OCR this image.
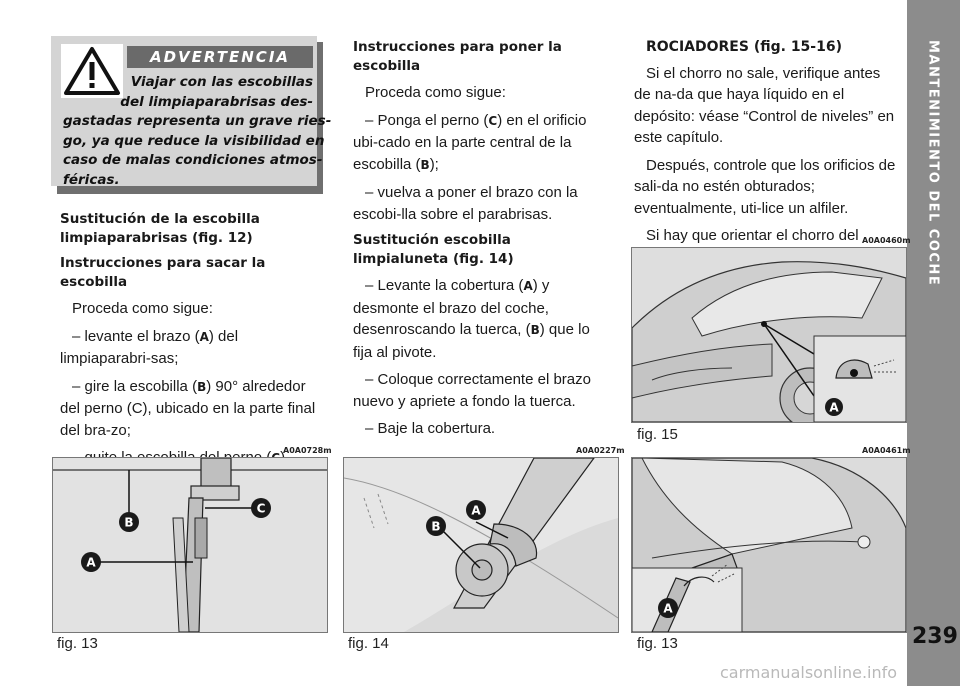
MANTENIMIENTO DEL COCHE
239
ADVERTENCIA
Viajar con las escobillas
del limpiaparabrisas des-
gastadas representa un grave ries-
go, ya que reduce la visibilidad en
caso de malas condiciones atmos-
féricas.

Sustitución de la escobilla limpiaparabrisas (fig. 12)

Instrucciones para sacar la escobilla

Proceda como sigue:

– levante el brazo (A) del limpiaparabri-sas;

– gire la escobilla (B) 90° alrededor del perno (C), ubicado en la parte final del bra-zo;

Instrucciones para poner la escobilla

Proceda como sigue:

– Ponga el perno (C) en el orificio ubi-cado en la parte central de la escobilla (B);

– vuelva a poner el brazo con la escobi-lla sobre el parabrisas.

Sustitución escobilla limpialuneta (fig. 14)

– Levante la cobertura (A) y desmonte el brazo del coche, desenroscando la tuerca, (B) que lo fija al pivote.

– Coloque correctamente el brazo nuevo y apriete a fondo la tuerca.

– Baje la cobertura.

ROCIADORES (fig. 15-16)

Si el chorro no sale, verifique antes de na-da que haya líquido en el depósito: véase “Control de niveles” en este capítulo.

Después, controle que los orificios de sali-da no estén obturados; eventualmente, uti-lice un alfiler.

Si hay que orientar el chorro del A0A0460m
A
fig. 15
A0A0728m
B
C
A
fig. 13
A0A0227m
A
B
fig. 14
A0A0461m
A
fig. 13
carmanualsonline.info
